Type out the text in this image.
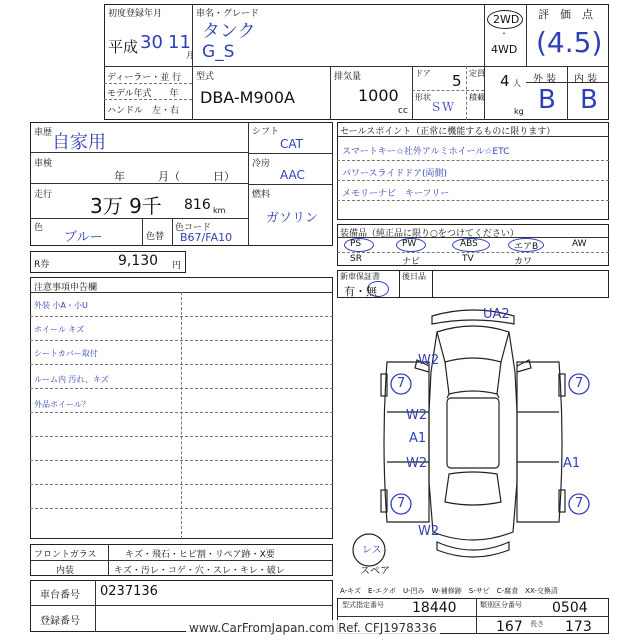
初度登録年月
平成 30 11
月
車名・グレード
タンク
G_S
2WD
・
4WD
評　価　点
(4.5)
ディーラー・並 行
モデル年式　　年
ハンドル　左・右
型式
DBA-M900A
排気量
1000
cc
ドア 5 定員 4 人
形状
ＳＷ
積載
kg
外 装 内 装
B B
車歴 自家用
車検
年　　　月（　　　日）
走行 3万 9千 816 km
色
ブルー	色替
色コード
B67/FA10
シフト
CAT
冷房
AAC
燃料
ガソリン
R券	9,130 円
セールスポイント（正常に機能するものに限ります）
スマートキー☆社外アルミホイール☆ETC
パワースライドドア(両側)
メモリーナビ　キーフリー
装備品（純正品に限り○をつけてください）
PS	PW	ABS	エアB	AW
SR	ナビ	TV	カワ
新車保証書
有・無
後日品
注意事項申告欄
外装 小A・小U
ホイール キズ
シートカバー取付
ルーム内 汚れ、キズ
外品ホイール？
UA2
W2
7	7
W2
A1
W2	A1
7	7
W2
レス
スペア
A-キズ　E-エクボ　U-凹み　W-補修跡　S-サビ　C-腐食　XX-交換済
フロントガラス	キズ・飛石・ヒビ割・リペア跡・X要
内装	キズ・汚レ・コゲ・穴・スレ・キレ・破レ
車台番号 0237136
登録番号
型式指定番号 18440	類別区分番号 0504
167 長さ 173
www.CarFromJapan.com Ref. CFJ1978336
